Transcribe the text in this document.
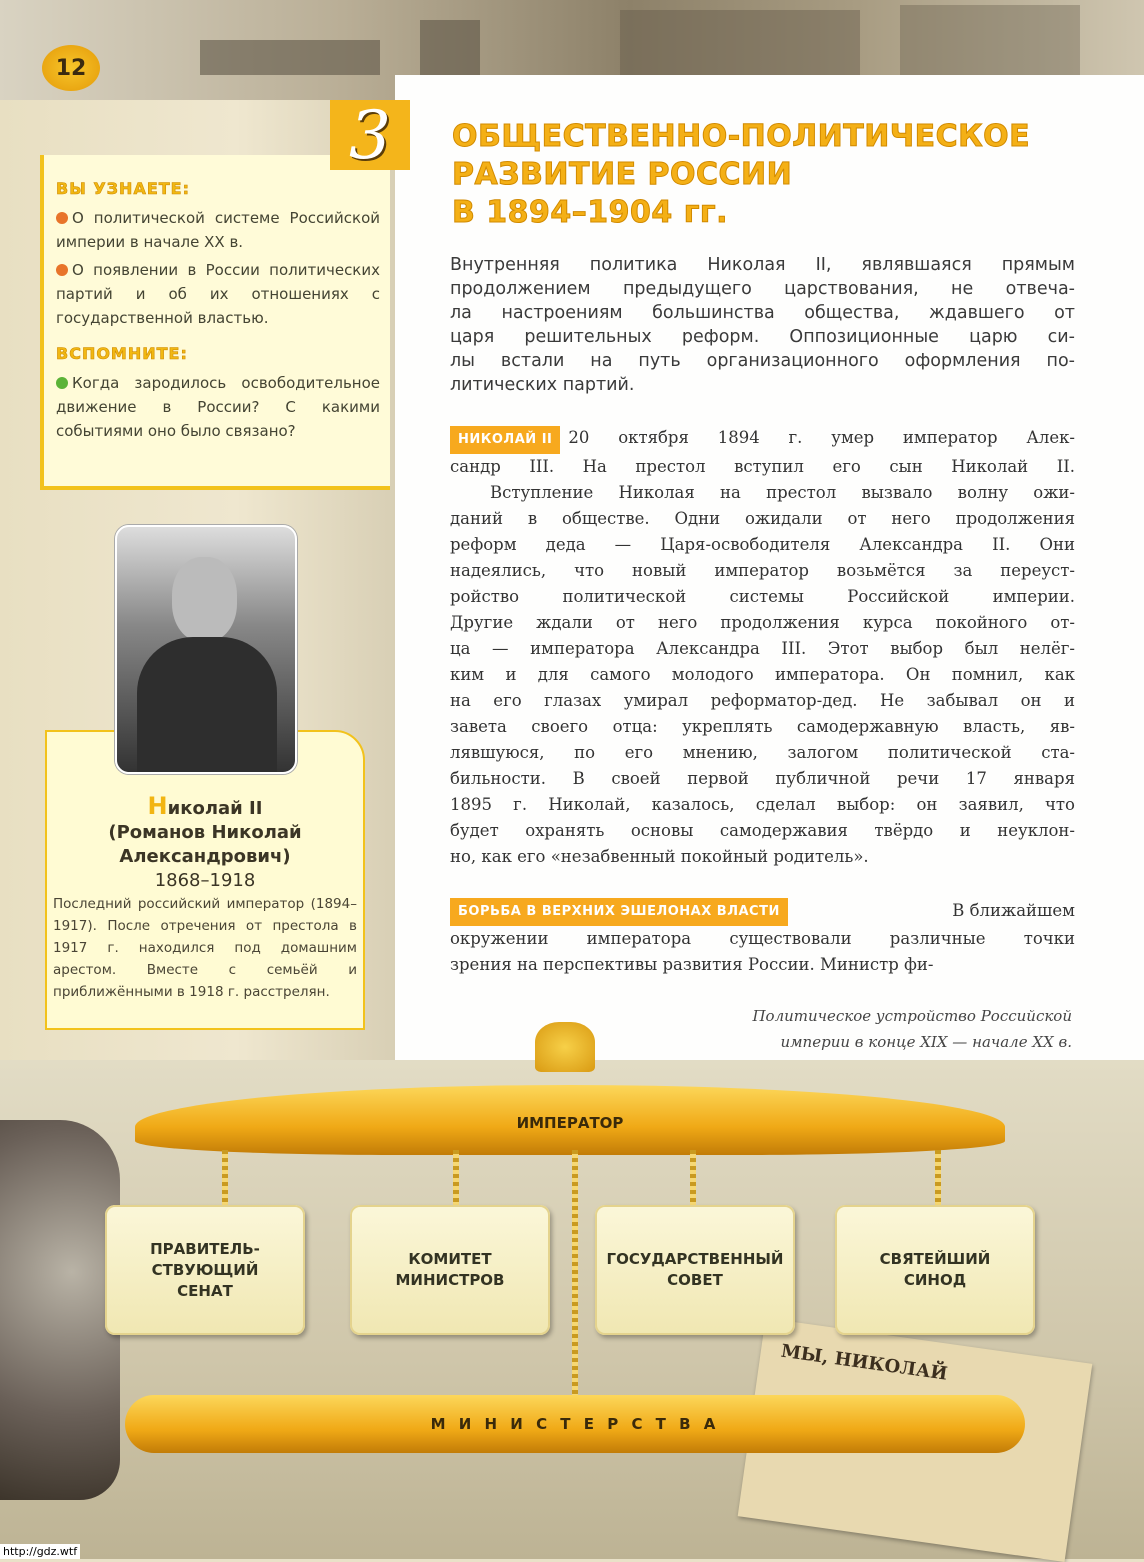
12
ВЫ УЗНАЕТЕ:
О политической системе Российской империи в начале XX в.
О появлении в России политических партий и об их отношениях с государственной властью.
ВСПОМНИТЕ:
Когда зародилось освободительное движение в России? С какими событиями оно было связано?
3
Николай II
(Романов Николай Александрович)
1868–1918
Последний российский император (1894–1917). После отречения от престола в 1917 г. находился под домашним арестом. Вместе с семьёй и приближёнными в 1918 г. расстрелян.
ОБЩЕСТВЕННО-ПОЛИТИЧЕСКОЕ
РАЗВИТИЕ РОССИИ
В 1894–1904 гг.
Внутренняя политика Николая II, являвшаяся прямым
продолжением предыдущего царствования, не отвеча-
ла настроениям большинства общества, ждавшего от
царя решительных реформ. Оппозиционные царю си-
лы встали на путь организационного оформления по-
литических партий.
НИКОЛАЙ II 20 октября 1894 г. умер император Алек-
сандр III. На престол вступил его сын Николай II.
Вступление Николая на престол вызвало волну ожи-
даний в обществе. Одни ожидали от него продолжения
реформ деда — Царя-освободителя Александра II. Они
надеялись, что новый император возьмётся за переуст-
ройство политической системы Российской империи.
Другие ждали от него продолжения курса покойного от-
ца — императора Александра III. Этот выбор был нелёг-
ким и для самого молодого императора. Он помнил, как
на его глазах умирал реформатор-дед. Не забывал он и
завета своего отца: укреплять самодержавную власть, яв-
лявшуюся, по его мнению, залогом политической ста-
бильности. В своей первой публичной речи 17 января
1895 г. Николай, казалось, сделал выбор: он заявил, что
будет охранять основы самодержавия твёрдо и неуклон-
но, как его «незабвенный покойный родитель».
БОРЬБА В ВЕРХНИХ ЭШЕЛОНАХ ВЛАСТИ	В ближайшем
окружении императора существовали различные точки
зрения на перспективы развития России. Министр фи-
Политическое устройство Российской
империи в конце XIX — начале XX в.
МЫ, НИКОЛАЙ
ИМПЕРАТОР
ПРАВИТЕЛЬ-
СТВУЮЩИЙ
СЕНАТ
КОМИТЕТ
МИНИСТРОВ
ГОСУДАРСТВЕННЫЙ
СОВЕТ
СВЯТЕЙШИЙ
СИНОД
М И Н И С Т Е Р С Т В А
http://gdz.wtf
